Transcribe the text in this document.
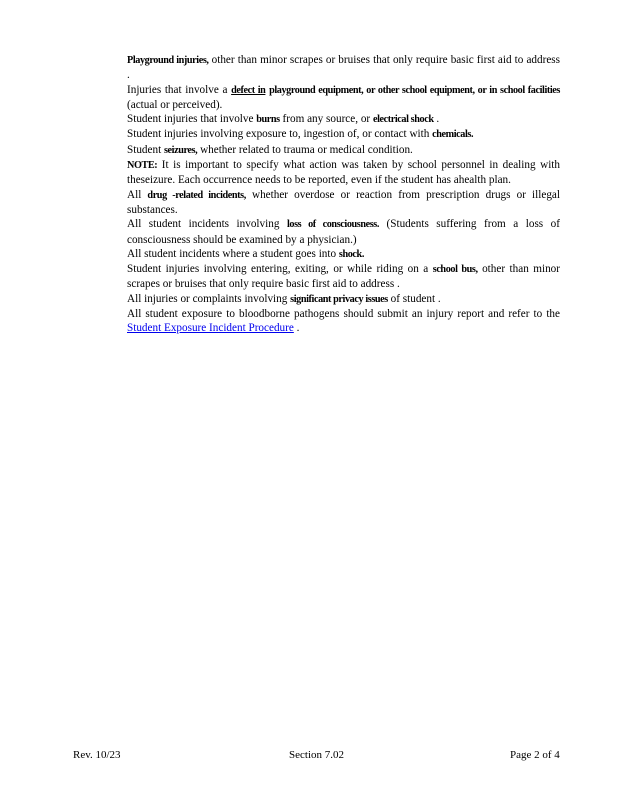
Playground injuries, other than minor scrapes or bruises that only require basic first aid to address .
Injuries that involve a defect in playground equipment, or other school equipment, or in school facilities (actual or perceived).
Student injuries that involve burns from any source, or electrical shock .
Student injuries involving exposure to, ingestion of, or contact with chemicals.
Student seizures, whether related to trauma or medical condition.
NOTE: It is important to specify what action was taken by school personnel in dealing with theseizure. Each occurrence needs to be reported, even if the student has ahealth plan.
All drug -related incidents, whether overdose or reaction from prescription drugs or illegal substances.
All student incidents involving loss of consciousness. (Students suffering from a loss of consciousness should be examined by a physician.)
All student incidents where a student goes into shock.
Student injuries involving entering, exiting, or while riding on a school bus, other than minor scrapes or bruises that only require basic first aid to address .
All injuries or complaints involving significant privacy issues of student .
All student exposure to bloodborne pathogens should submit an injury report and refer to the Student Exposure Incident Procedure .
Rev. 10/23	Section 7.02	Page 2 of 4
